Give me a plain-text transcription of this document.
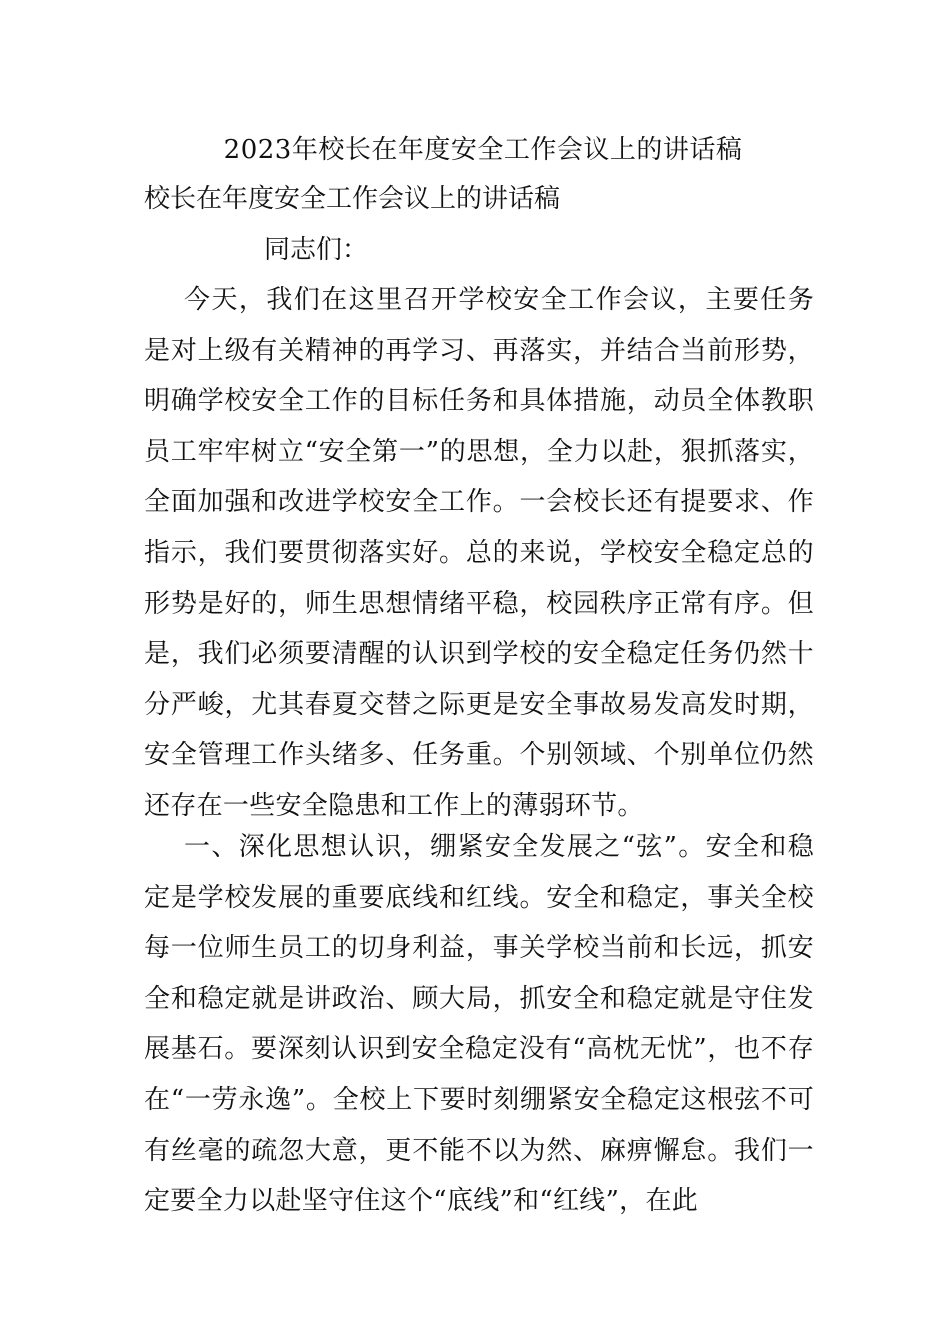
2023年校长在年度安全工作会议上的讲话稿
校长在年度安全工作会议上的讲话稿
同志们：

今天，我们在这里召开学校安全工作会议，主要任务是对上级有关精神的再学习、再落实，并结合当前形势，明确学校安全工作的目标任务和具体措施，动员全体教职员工牢牢树立“安全第一”的思想，全力以赴，狠抓落实，全面加强和改进学校安全工作。一会校长还有提要求、作指示，我们要贯彻落实好。总的来说，学校安全稳定总的形势是好的，师生思想情绪平稳，校园秩序正常有序。但是，我们必须要清醒的认识到学校的安全稳定任务仍然十分严峻，尤其春夏交替之际更是安全事故易发高发时期，安全管理工作头绪多、任务重。个别领域、个别单位仍然还存在一些安全隐患和工作上的薄弱环节。

一、深化思想认识，绷紧安全发展之“弦”。安全和稳定是学校发展的重要底线和红线。安全和稳定，事关全校每一位师生员工的切身利益，事关学校当前和长远，抓安全和稳定就是讲政治、顾大局，抓安全和稳定就是守住发展基石。要深刻认识到安全稳定没有“高枕无忧”，也不存在“一劳永逸”。全校上下要时刻绷紧安全稳定这根弦不可有丝毫的疏忽大意，更不能不以为然、麻痹懈怠。我们一定要全力以赴坚守住这个“底线”和“红线”，在此
